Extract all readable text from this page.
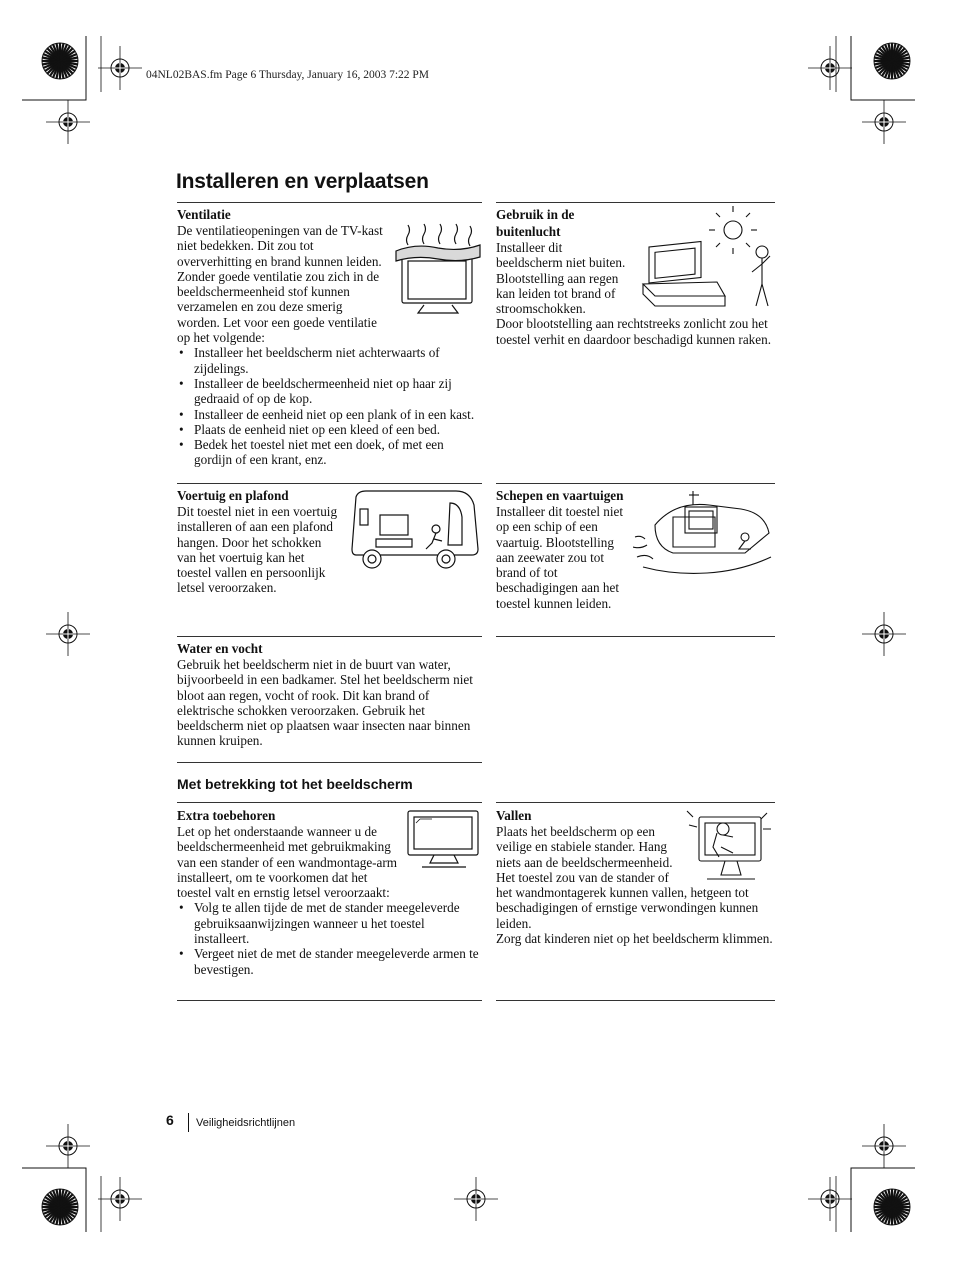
04NL02BAS.fm Page 6 Thursday, January 16, 2003 7:22 PM
Installeren en verplaatsen
Ventilatie

De ventilatieopeningen van de TV-kast niet bedekken. Dit zou tot oververhitting en brand kunnen leiden. Zonder goede ventilatie zou zich in de beeldschermeenheid stof kunnen verzamelen en zou deze smerig worden. Let voor een goede ventilatie op het volgende:

• Installeer het beeldscherm niet achterwaarts of zijdelings.
• Installeer de beeldschermeenheid niet op haar zij gedraaid of op de kop.
• Installeer de eenheid niet op een plank of in een kast.
• Plaats de eenheid niet op een kleed of een bed.
• Bedek het toestel niet met een doek, of met een gordijn of een krant, enz.
Gebruik in de buitenlucht

Installeer dit beeldscherm niet buiten. Blootstelling aan regen kan leiden tot brand of stroomschokken.

Door blootstelling aan rechtstreeks zonlicht zou het toestel verhit en daardoor beschadigd kunnen raken.

Voertuig en plafond

Dit toestel niet in een voertuig installeren of aan een plafond hangen. Door het schokken van het voertuig kan het toestel vallen en persoonlijk letsel veroorzaken.

Schepen en vaartuigen

Installeer dit toestel niet op een schip of een vaartuig. Blootstelling aan zeewater zou tot brand of tot beschadigingen aan het toestel kunnen leiden.

Water en vocht

Gebruik het beeldscherm niet in de buurt van water, bijvoorbeeld in een badkamer. Stel het beeldscherm niet bloot aan regen, vocht of rook. Dit kan brand of elektrische schokken veroorzaken. Gebruik het beeldscherm niet op plaatsen waar insecten naar binnen kunnen kruipen.

Met betrekking tot het beeldscherm
Extra toebehoren

Let op het onderstaande wanneer u de beeldschermeenheid met gebruikmaking van een stander of een wandmontage-arm installeert, om te voorkomen dat het toestel valt en ernstig letsel veroorzaakt:

• Volg te allen tijde de met de stander meegeleverde gebruiksaanwijzingen wanneer u het toestel installeert.
• Vergeet niet de met de stander meegeleverde armen te bevestigen.
Vallen

Plaats het beeldscherm op een veilige en stabiele stander. Hang niets aan de beeldschermeenheid. Het toestel zou van de stander of het wandmontagerek kunnen vallen, hetgeen tot beschadigingen of ernstige verwondingen kunnen leiden.

Zorg dat kinderen niet op het beeldscherm klimmen.

6 Veiligheidsrichtlijnen
